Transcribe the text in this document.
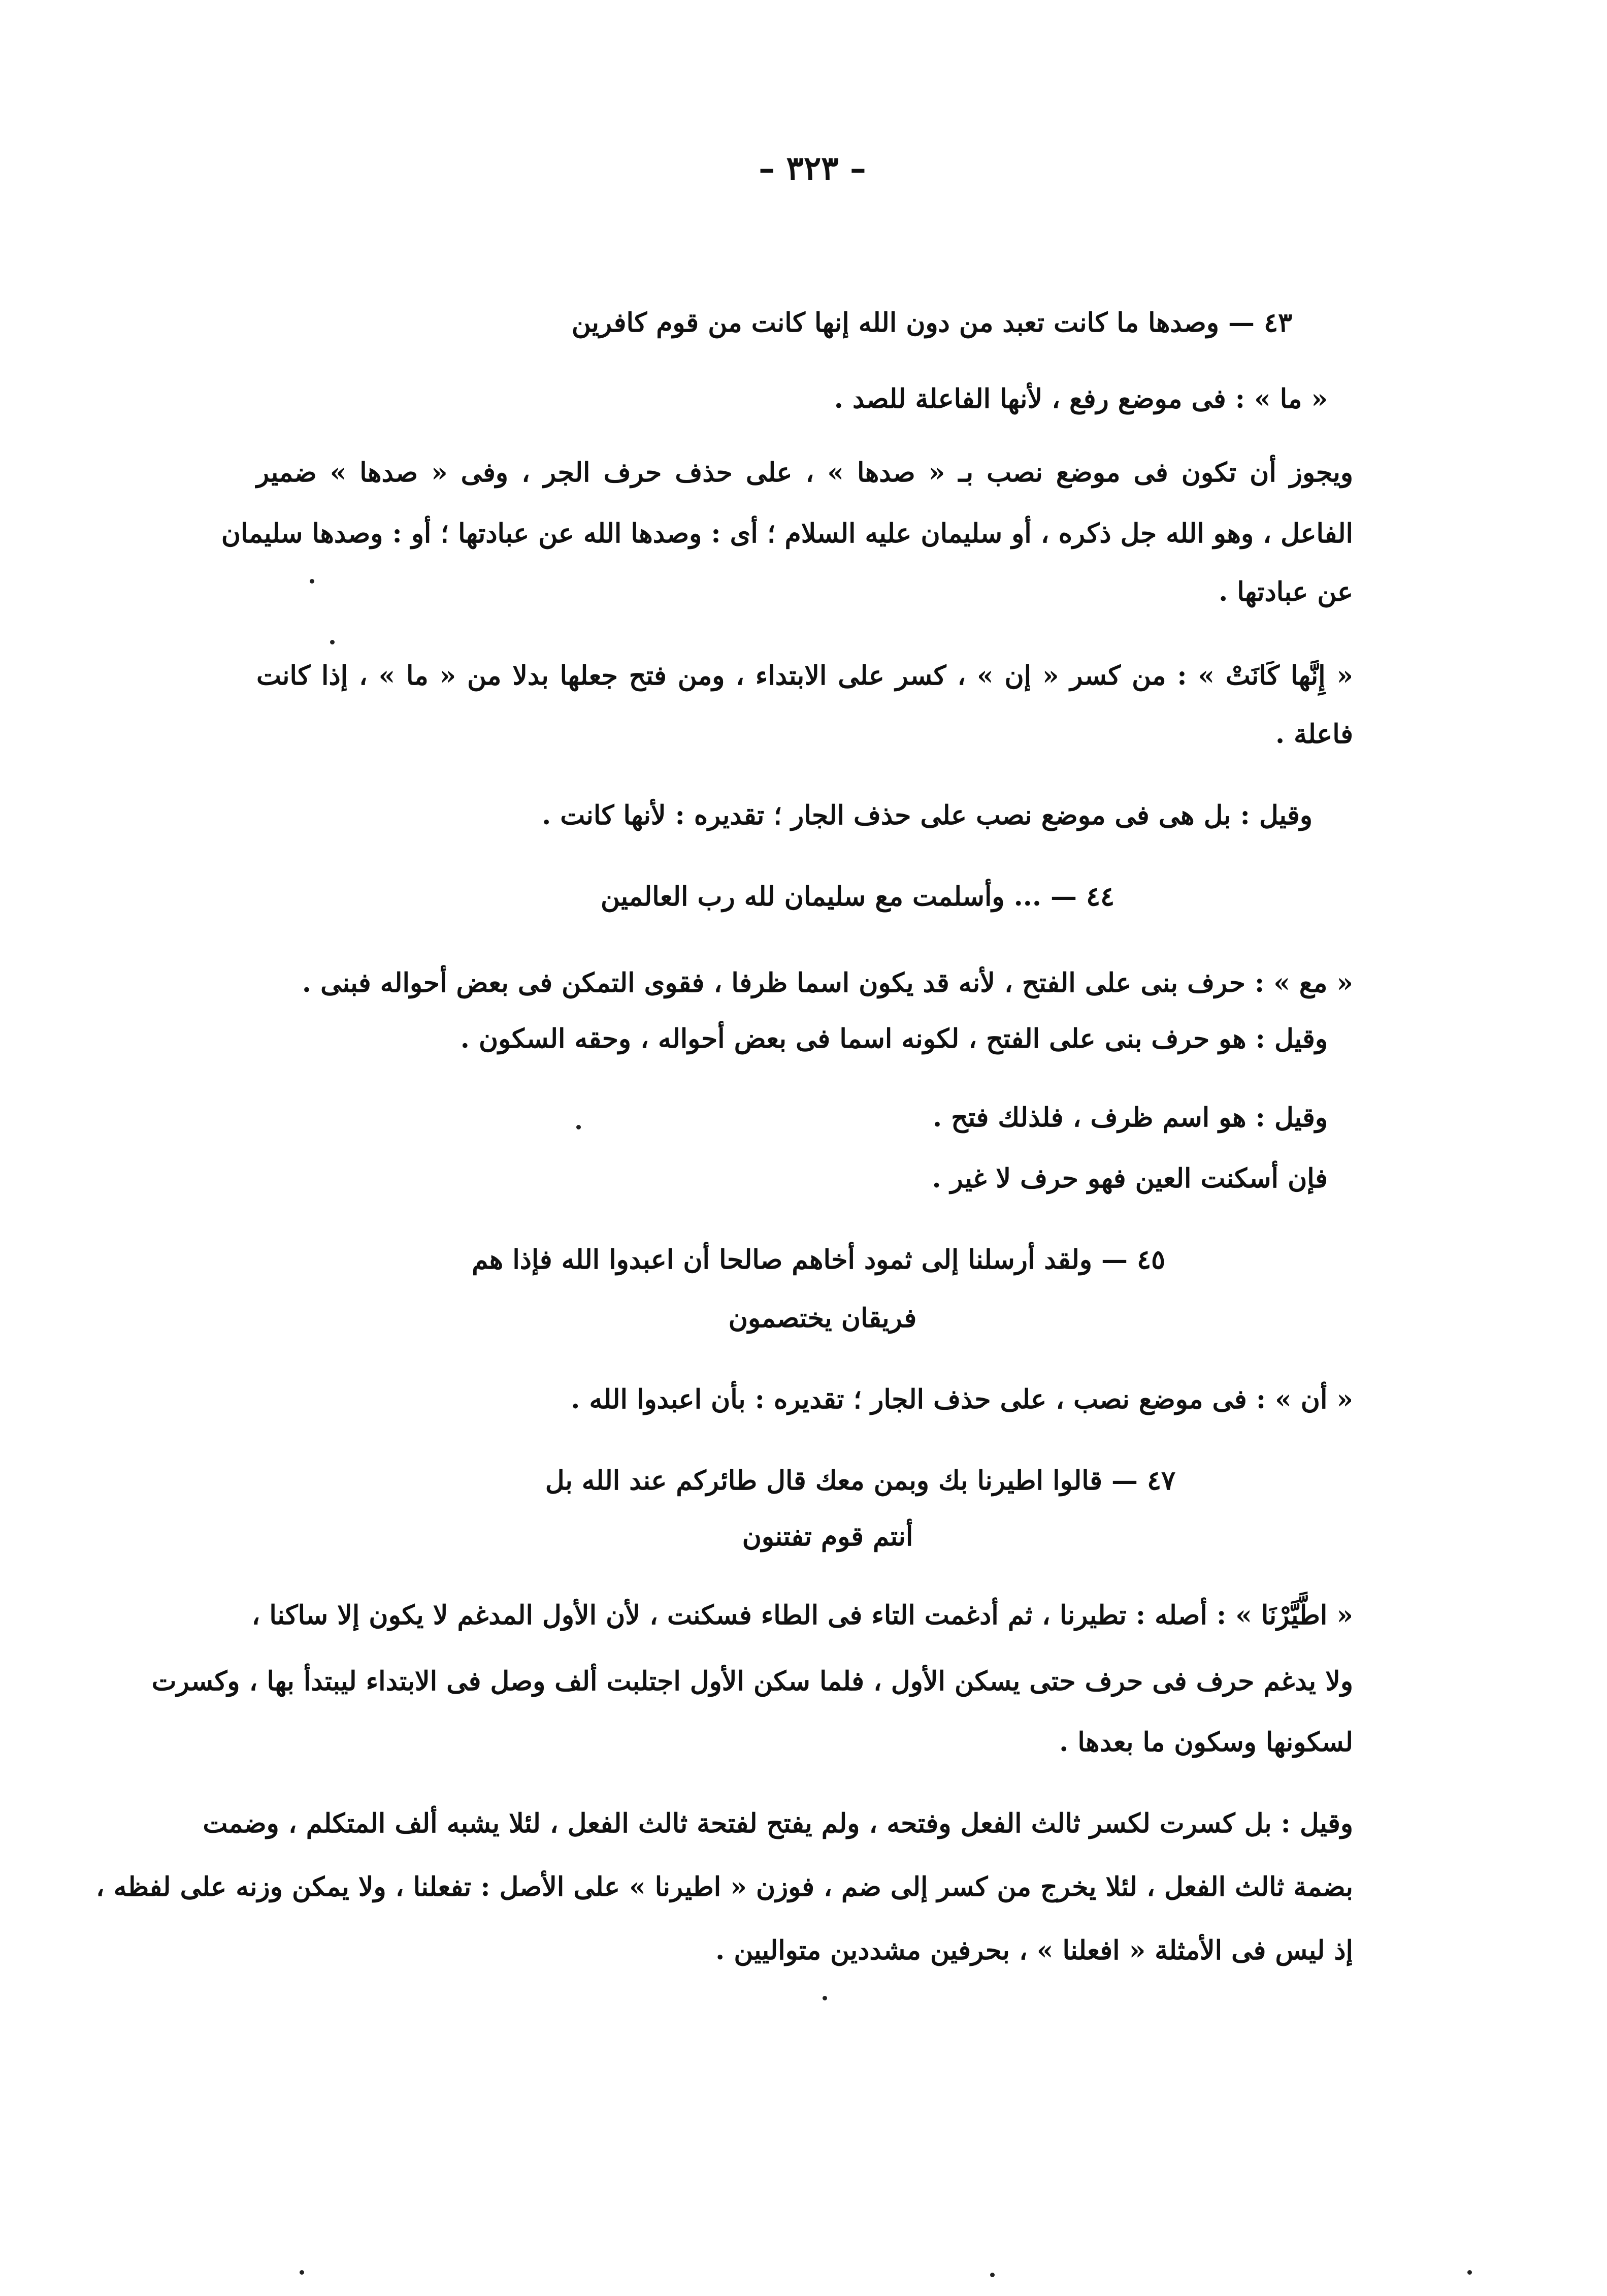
– ٣٢٣ –
٤٣ — وصدها ما كانت تعبد من دون الله إنها كانت من قوم كافرين
« ما » : فى موضع رفع ، لأنها الفاعلة للصد .
ويجوز أن تكون فى موضع نصب بـ « صدها » ، على حذف حرف الجر ، وفى « صدها » ضمير
الفاعل ، وهو الله جل ذكره ، أو سليمان عليه السلام ؛ أى : وصدها الله عن عبادتها ؛ أو : وصدها سليمان
عن عبادتها .
« إِنَّها كَانَتْ » : من كسر « إن » ، كسر على الابتداء ، ومن فتح جعلها بدلا من « ما » ، إذا كانت
فاعلة .
وقيل : بل هى فى موضع نصب على حذف الجار ؛ تقديره : لأنها كانت .
٤٤ — ... وأسلمت مع سليمان لله رب العالمين
« مع » : حرف بنى على الفتح ، لأنه قد يكون اسما ظرفا ، فقوى التمكن فى بعض أحواله فبنى .
وقيل : هو حرف بنى على الفتح ، لكونه اسما فى بعض أحواله ، وحقه السكون .
وقيل : هو اسم ظرف ، فلذلك فتح .
فإن أسكنت العين فهو حرف لا غير .
٤٥ — ولقد أرسلنا إلى ثمود أخاهم صالحا أن اعبدوا الله فإذا هم
فريقان يختصمون
« أن » : فى موضع نصب ، على حذف الجار ؛ تقديره : بأن اعبدوا الله .
٤٧ — قالوا اطيرنا بك وبمن معك قال طائركم عند الله بل
أنتم قوم تفتنون
« اطَّيَّرْنَا » : أصله : تطيرنا ، ثم أدغمت التاء فى الطاء فسكنت ، لأن الأول المدغم لا يكون إلا ساكنا ،
ولا يدغم حرف فى حرف حتى يسكن الأول ، فلما سكن الأول اجتلبت ألف وصل فى الابتداء ليبتدأ بها ، وكسرت
لسكونها وسكون ما بعدها .
وقيل : بل كسرت لكسر ثالث الفعل وفتحه ، ولم يفتح لفتحة ثالث الفعل ، لئلا يشبه ألف المتكلم ، وضمت
بضمة ثالث الفعل ، لئلا يخرج من كسر إلى ضم ، فوزن « اطيرنا » على الأصل : تفعلنا ، ولا يمكن وزنه على لفظه ،
إذ ليس فى الأمثلة « افعلنا » ، بحرفين مشددين متواليين .
